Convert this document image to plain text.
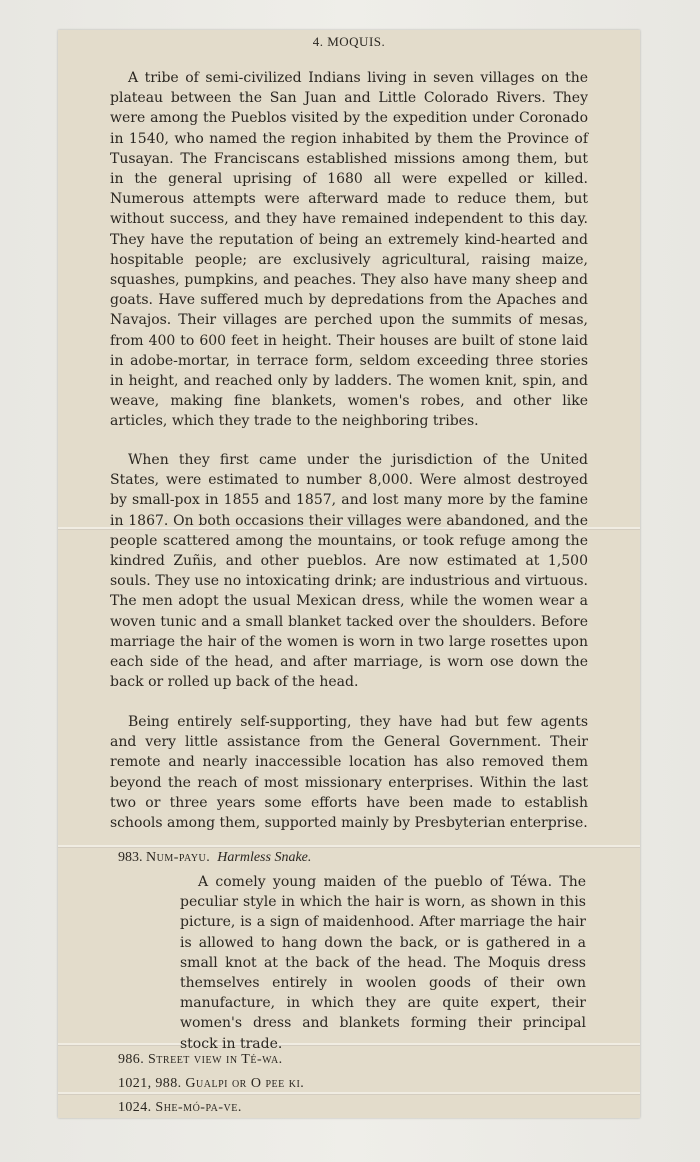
4. MOQUIS.

A tribe of semi-civilized Indians living in seven villages on the plateau between the San Juan and Little Colorado Rivers. They were among the Pueblos visited by the expedition under Coronado in 1540, who named the region inhabited by them the Province of Tusayan. The Franciscans established missions among them, but in the general uprising of 1680 all were expelled or killed. Numerous attempts were afterward made to reduce them, but without success, and they have remained independent to this day. They have the reputation of being an extremely kind-hearted and hospitable people; are exclusively agricultural, raising maize, squashes, pumpkins, and peaches. They also have many sheep and goats. Have suffered much by depredations from the Apaches and Navajos. Their villages are perched upon the summits of mesas, from 400 to 600 feet in height. Their houses are built of stone laid in adobe-mortar, in terrace form, seldom exceeding three stories in height, and reached only by ladders. The women knit, spin, and weave, making fine blankets, women's robes, and other like articles, which they trade to the neighboring tribes.

When they first came under the jurisdiction of the United States, were estimated to number 8,000. Were almost destroyed by small-pox in 1855 and 1857, and lost many more by the famine in 1867. On both occasions their villages were abandoned, and the people scattered among the mountains, or took refuge among the kindred Zuñis, and other pueblos. Are now estimated at 1,500 souls. They use no intoxicating drink; are industrious and virtuous. The men adopt the usual Mexican dress, while the women wear a woven tunic and a small blanket tacked over the shoulders. Before marriage the hair of the women is worn in two large rosettes upon each side of the head, and after marriage, is worn ose down the back or rolled up back of the head.

Being entirely self-supporting, they have had but few agents and very little assistance from the General Government. Their remote and nearly inaccessible location has also removed them beyond the reach of most missionary enterprises. Within the last two or three years some efforts have been made to establish schools among them, supported mainly by Presbyterian enterprise.

983. Num-payu. Harmless Snake.

A comely young maiden of the pueblo of Téwa. The peculiar style in which the hair is worn, as shown in this picture, is a sign of maidenhood. After marriage the hair is allowed to hang down the back, or is gathered in a small knot at the back of the head. The Moquis dress themselves entirely in woolen goods of their own manufacture, in which they are quite expert, their women's dress and blankets forming their principal stock in trade.

986. Street view in Té-wa.
1021, 988. Gualpi or O pee ki.
1024. She-mó-pa-ve.
